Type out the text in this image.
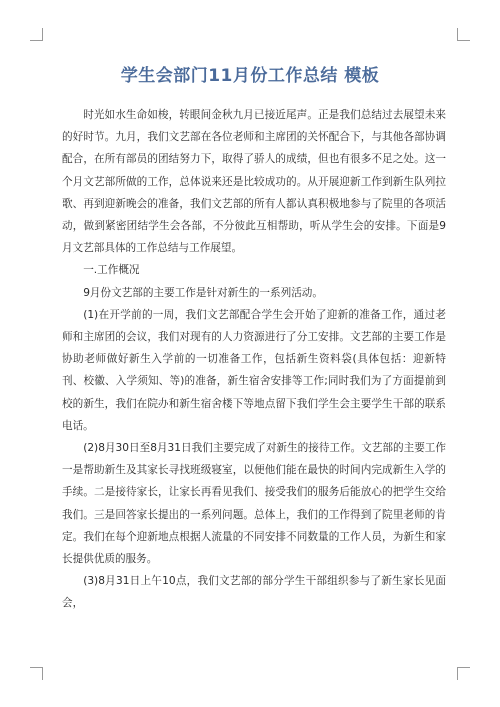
学生会部门11月份工作总结 模板

时光如水生命如梭，转眼间金秋九月已接近尾声。正是我们总结过去展望未来的好时节。九月，我们文艺部在各位老师和主席团的关怀配合下，与其他各部协调配合，在所有部员的团结努力下，取得了骄人的成绩，但也有很多不足之处。这一个月文艺部所做的工作，总体说来还是比较成功的。从开展迎新工作到新生队列拉歌、再到迎新晚会的准备，我们文艺部的所有人都认真积极地参与了院里的各项活动，做到紧密团结学生会各部，不分彼此互相帮助，听从学生会的安排。下面是9月文艺部具体的工作总结与工作展望。

一.工作概况

9月份文艺部的主要工作是针对新生的一系列活动。

(1)在开学前的一周，我们文艺部配合学生会开始了迎新的准备工作，通过老师和主席团的会议，我们对现有的人力资源进行了分工安排。文艺部的主要工作是协助老师做好新生入学前的一切准备工作，包括新生资料袋(具体包括：迎新特刊、校徽、入学须知、等)的准备，新生宿舍安排等工作;同时我们为了方面提前到校的新生，我们在院办和新生宿舍楼下等地点留下我们学生会主要学生干部的联系电话。

(2)8月30日至8月31日我们主要完成了对新生的接待工作。文艺部的主要工作一是帮助新生及其家长寻找班级寝室，以便他们能在最快的时间内完成新生入学的手续。二是接待家长，让家长再看见我们、接受我们的服务后能放心的把学生交给我们。三是回答家长提出的一系列问题。总体上，我们的工作得到了院里老师的肯定。我们在每个迎新地点根据人流量的不同安排不同数量的工作人员，为新生和家长提供优质的服务。

(3)8月31日上午10点，我们文艺部的部分学生干部组织参与了新生家长见面会，
